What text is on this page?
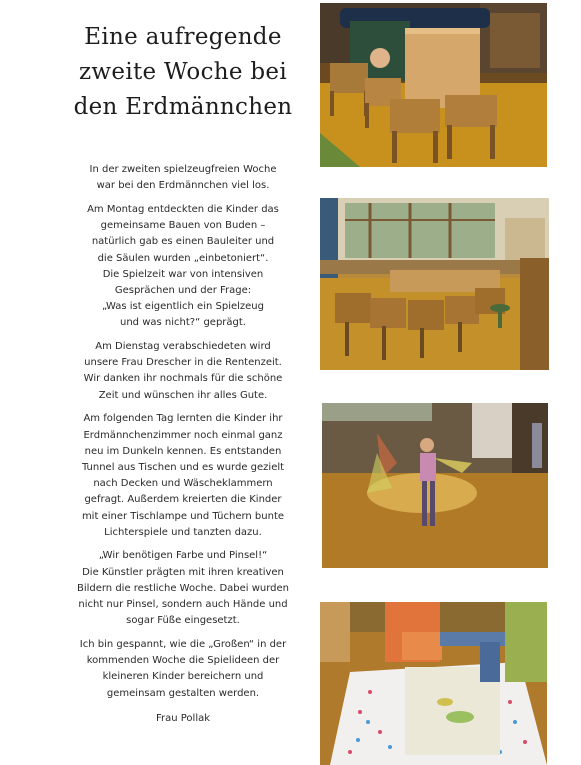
Eine aufregende
zweite Woche bei
den Erdmännchen
In der zweiten spielzeugfreien Woche
war bei den Erdmännchen viel los.
Am Montag entdeckten die Kinder das
gemeinsame Bauen von Buden –
natürlich gab es einen Bauleiter und
die Säulen wurden „einbetoniert“.
Die Spielzeit war von intensiven
Gesprächen und der Frage:
„Was ist eigentlich ein Spielzeug
und was nicht?“ geprägt.
Am Dienstag verabschiedeten wird
unsere Frau Drescher in die Rentenzeit.
Wir danken ihr nochmals für die schöne
Zeit und wünschen ihr alles Gute.
Am folgenden Tag lernten die Kinder ihr
Erdmännchenzimmer noch einmal ganz
neu im Dunkeln kennen. Es entstanden
Tunnel aus Tischen und es wurde gezielt
nach Decken und Wäscheklammern
gefragt. Außerdem kreierten die Kinder
mit einer Tischlampe und Tüchern bunte
Lichterspiele und tanzten dazu.
„Wir benötigen Farbe und Pinsel!“
Die Künstler prägten mit ihren kreativen
Bildern die restliche Woche. Dabei wurden
nicht nur Pinsel, sondern auch Hände und
sogar Füße eingesetzt.
Ich bin gespannt, wie die „Großen“ in der
kommenden Woche die Spielideen der
kleineren Kinder bereichern und
gemeinsam gestalten werden.
Frau Pollak
